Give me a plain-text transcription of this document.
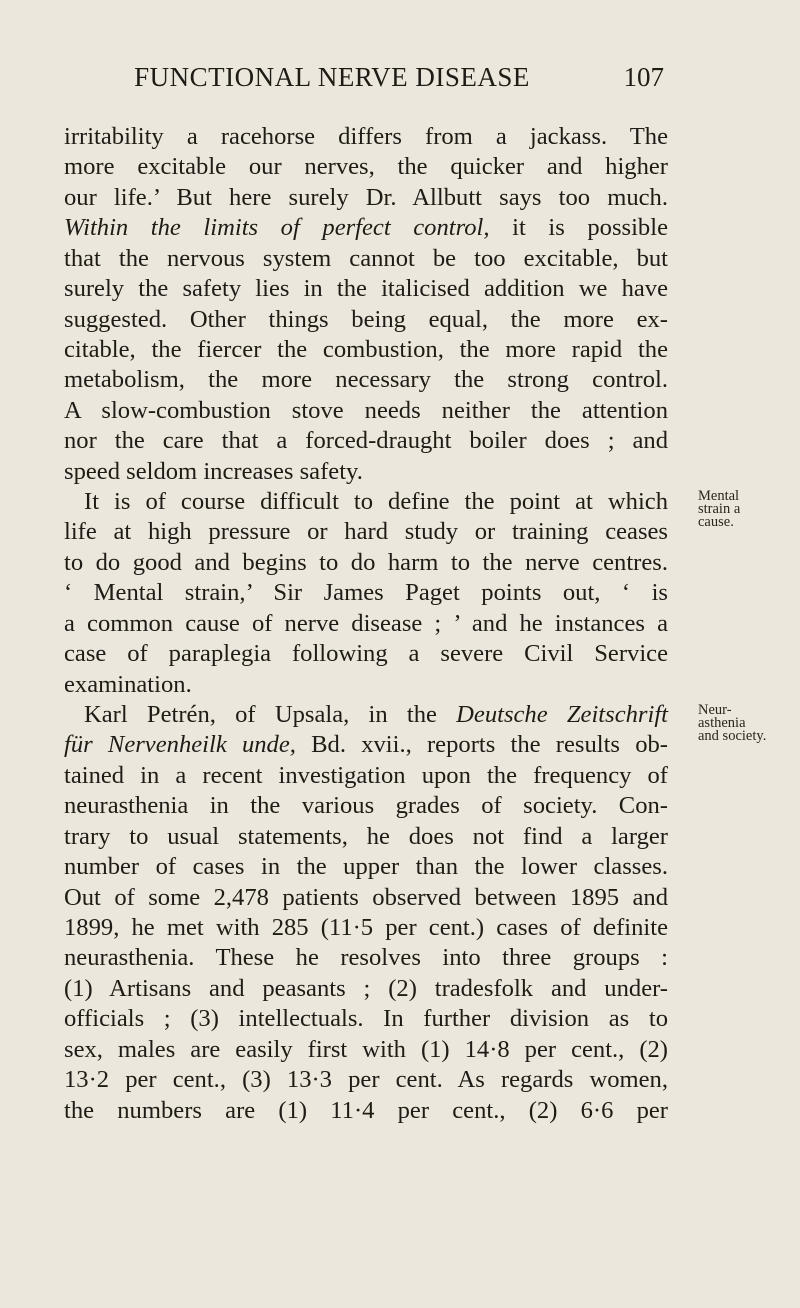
FUNCTIONAL NERVE DISEASE	107
irritability a racehorse differs from a jackass. The
more excitable our nerves, the quicker and higher
our life.’ But here surely Dr. Allbutt says too much.
Within the limits of perfect control, it is possible
that the nervous system cannot be too excitable, but
surely the safety lies in the italicised addition we have
suggested. Other things being equal, the more ex-
citable, the fiercer the combustion, the more rapid the
metabolism, the more necessary the strong control.
A slow-combustion stove needs neither the attention
nor the care that a forced-draught boiler does ; and
speed seldom increases safety.
It is of course difficult to define the point at which
life at high pressure or hard study or training ceases
to do good and begins to do harm to the nerve centres.
‘ Mental strain,’ Sir James Paget points out, ‘ is
a common cause of nerve disease ; ’ and he instances a
case of paraplegia following a severe Civil Service
examination.
Karl Petrén, of Upsala, in the Deutsche Zeitschrift
für Nervenheilk unde, Bd. xvii., reports the results ob-
tained in a recent investigation upon the frequency of
neurasthenia in the various grades of society. Con-
trary to usual statements, he does not find a larger
number of cases in the upper than the lower classes.
Out of some 2,478 patients observed between 1895 and
1899, he met with 285 (11·5 per cent.) cases of definite
neurasthenia. These he resolves into three groups :
(1) Artisans and peasants ; (2) tradesfolk and under-
officials ; (3) intellectuals. In further division as to
sex, males are easily first with (1) 14·8 per cent., (2)
13·2 per cent., (3) 13·3 per cent. As regards women,
the numbers are (1) 11·4 per cent., (2) 6·6 per
Mental
strain a
cause.
Neur-
asthenia
and society.
